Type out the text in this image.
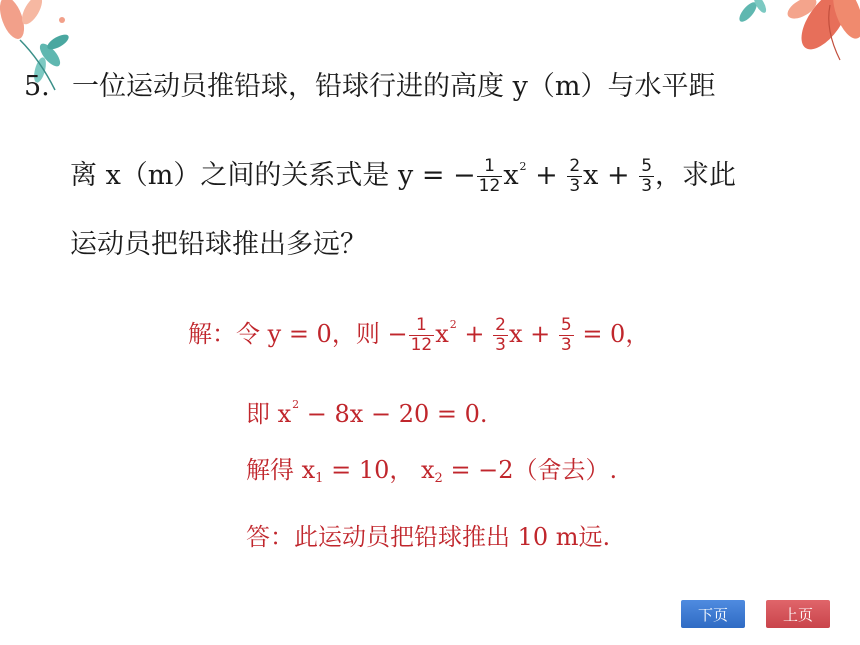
5. 一位运动员推铅球，铅球行进的高度 y（m）与水平距
离 x（m）之间的关系式是 y = − $\frac{1}{12} x^2 + \frac{2}{3}$ $x + \frac{5}{3}$ ，求此
运动员把铅球推出多远？
解：令 y = 0，则 − $\frac{1}{12} x^2 + \frac{2}{3}$ $x + \frac{5}{3} = 0$，
即 $x^2 - 8x - 20 = 0$.
解得 $x_1 = 10$， $x_2 = -2$（舍去）.
答：此运动员把铅球推出 10 m远.
下页	上页
